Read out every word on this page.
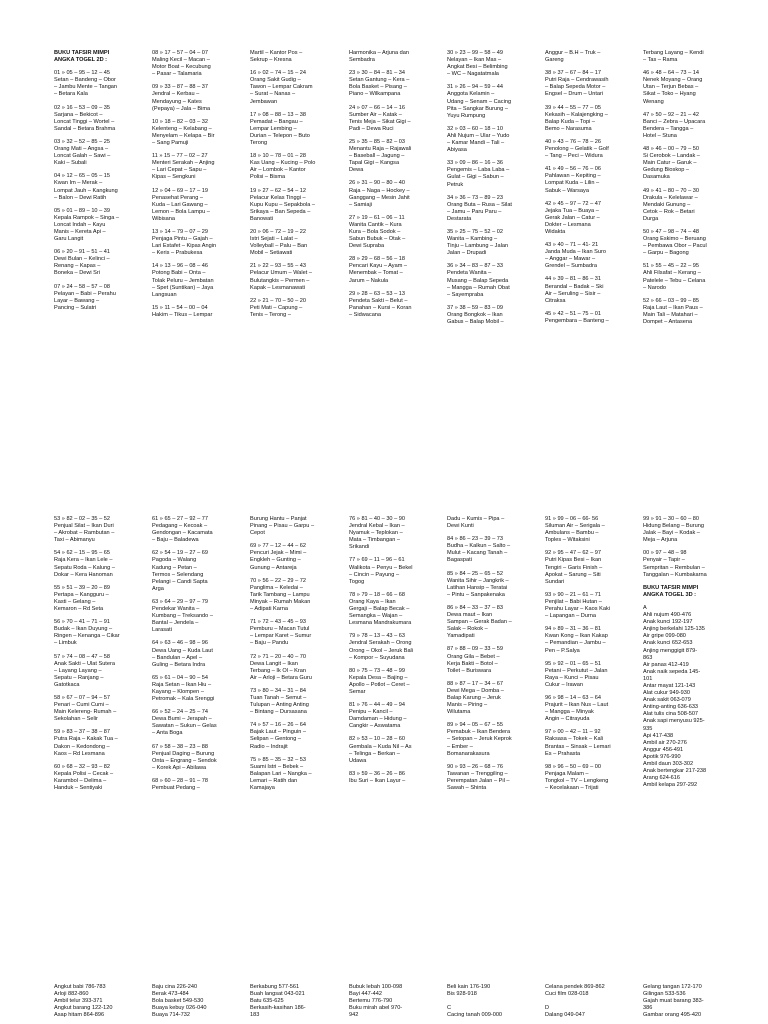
BUKU TAFSIR MIMPI
ANGKA TOGEL 2D :
01 » 05 – 95 – 12 – 45
Setan – Bandeng – Obor
– Jambu Mente – Tangan
– Betara Kala
02 » 16 – 53 – 09 – 35
Sarjana – Bekicot –
Loncat Tinggi – Wortel –
Sandal – Betara Brahma
03 » 32 – 52 – 85 – 25
Orang Mati – Angsa –
Loncat Galah – Sawi –
Kaki – Subali
04 » 12 – 65 – 05 – 15
Kwan Im – Merak –
Lompat Jauh – Kangkung
– Balon – Dewi Ratih
05 » 01 – 89 – 10 – 39
Kepala Rampok – Singa –
Loncat Indah – Kayu
Manis – Kereta Api –
Garu Langit
06 » 20 – 91 – 51 – 41
Dewi Bulan – Kelinci –
Renang – Kapas –
Boneka – Dewi Sri
07 » 24 – 58 – 57 – 08
Pelayan – Babi – Perahu
Layar – Bawang –
Pancing – Sulatri
08 » 17 – 57 – 04 – 07
Maling Kecil – Macan –
Motor Boat – Kecubung
– Pasar – Talamaria
09 » 33 – 87 – 88 – 37
Jendral – Kerbau –
Mendayung – Kates
(Pepaya) – Jala – Bima
10 » 18 – 82 – 03 – 32
Kelenteng – Kelabang –
Menyelam – Kelapa – Bir
– Sang Pamuji
11 » 15 – 77 – 02 – 27
Menteri Serakah – Anjing
– Lari Cepat – Sapu –
Kipas – Sengkuni
12 » 04 – 69 – 17 – 19
Penasehat Perang –
Kuda – Lari Gawang –
Lemon – Bola Lampu –
Wibisana
13 » 14 – 79 – 07 – 29
Penjaga Pintu – Gajah –
Lari Estafet – Kipas Angin
– Keris – Prabukesa
14 » 13 – 96 – 08 – 46
Potong Babi – Onta –
Tolak Peluru – Jembatan
– Spet (Suntikan) – Jaya
Langsuan
15 » 11 – 54 – 00 – 04
Hakim – Tikus – Lempar
Martil – Kantor Pos –
Sekrup – Kresna
16 » 02 – 74 – 15 – 24
Orang Sakit Gudig –
Tawon – Lempar Cakram
– Surat – Nanas –
Jembawan
17 » 08 – 88 – 13 – 38
Pemadat – Bangau –
Lempar Lembing –
Durian – Telepon – Buto
Terong
18 » 10 – 78 – 01 – 28
Kas Uang – Kucing – Polo
Air – Lombok – Kantor
Polisi – Bisma
19 » 27 – 62 – 54 – 12
Pelacur Kelas Tinggi –
Kupu Kupu – Sepakbola –
Srikaya – Ban Sepeda –
Banowati
20 » 06 – 72 – 19 – 22
Istri Sejati – Lalat –
Volleyball – Palu – Ban
Mobil – Setiawati
21 » 22 – 93 – 55 – 43
Pelacur Umum – Walet –
Bulutangkis – Permen –
Kapak – Lesmanawati
22 » 21 – 70 – 50 – 20
Peti Mati – Capung –
Tenis – Terong –
Harmonika – Arjuna dan
Sembadra
23 » 30 – 84 – 81 – 34
Setan Gantung – Kera –
Bola Basket – Pisang –
Piano – Wilkampana
24 » 07 – 66 – 14 – 16
Sumber Air – Katak –
Tenis Meja – Sikat Gigi –
Padi – Dewa Ruci
25 » 35 – 85 – 82 – 03
Menantu Raja – Rajawali
– Baseball – Jagung –
Tapal Gigi – Kangsa
Dewa
26 » 31 – 90 – 80 – 40
Raja – Naga – Hockey –
Ganggang – Mesin Jahit
– Samiaji
27 » 19 – 61 – 06 – 11
Wanita Cantik – Kura
Kura – Bola Sodok –
Sabun Bubuk – Otak –
Dewi Supraba
28 » 29 – 68 – 56 – 18
Pencari Kayu – Ayam –
Menembak – Tomat –
Jarum – Nakula
29 » 28 – 63 – 53 – 13
Pendeta Sakti – Belut –
Panahan – Kursi – Koran
– Sidwacana
30 » 23 – 99 – 58 – 49
Nelayan – Ikan Mas –
Angkat Besi – Belimbing
– WC – Nagatatmala
31 » 26 – 94 – 59 – 44
Anggota Kelamin –
Udang – Senam – Cacing
Pita – Sangkar Burung –
Yuyu Rumpung
32 » 03 – 60 – 18 – 10
Ahli Nujum – Ular – Yudo
– Kamar Mandi – Tali –
Abiyasa
33 » 09 – 86 – 16 – 36
Pengemis – Laba Laba –
Gulat – Gigi – Sabun –
Petruk
34 » 36 – 73 – 89 – 23
Orang Buta – Rusa – Silat
– Jamu – Paru Paru –
Destarata
35 » 25 – 75 – 52 – 02
Wanita – Kambing –
Tinju – Lambung – Jalan
Jalan – Drupadi
36 » 34 – 83 – 87 – 33
Pendeta Wanita –
Musang – Balap Sepeda
– Mangga – Rumah Obat
– Sayempraba
37 » 38 – 59 – 83 – 09
Orang Bongkok – Ikan
Gabus – Balap Mobil –
Anggur – B.H – Truk –
Gareng
38 » 37 – 67 – 84 – 17
Putri Raja – Cendrawasih
– Balap Sepeda Motor –
Engsel – Drum – Untari
39 » 44 – 55 – 77 – 05
Kekasih – Kalajengking –
Balap Kuda – Topi –
Bemo – Narasuma
40 » 43 – 76 – 78 – 26
Penolong – Gelatik – Golf
– Tang – Peci – Widura
41 » 49 – 56 – 76 – 06
Pahlawan – Kepiting –
Lompat Kuda – Lilin –
Sabuk – Warsaya
42 » 45 – 97 – 72 – 47
Jejaka Tua – Buaya –
Gerak Jalan – Catur –
Dokter – Lesmana
Widakta
43 » 40 – 71 – 41- 21
Janda Muda – Ikan Suro
– Anggar – Mawar –
Grendel – Sumbadra
44 » 39 – 81 – 86 – 31
Berandal – Badak – Ski
Air – Seruling – Sisir –
Citraksa
45 » 42 – 51 – 75 – 01
Pengembara – Banteng –
Terbang Layang – Kendi
– Tas – Rama
46 » 48 – 64 – 73 – 14
Nenek Moyang – Orang
Utan – Terjun Bebas –
Sikat – Toko – Hyang
Wenang
47 » 50 – 92 – 21 – 42
Banci – Zebra – Upacara
Bendera – Tangga –
Hotel – Stuna
48 » 46 – 00 – 79 – 50
Si Cerobok – Landak –
Main Catur – Garuk –
Gedung Bioskop –
Dasamuka
49 » 41 – 80 – 70 – 30
Drakula – Kelelawar –
Mendaki Gunung –
Cetok – Rok – Betari
Durga
50 » 47 – 98 – 74 – 48
Orang Eskimo – Beruang
– Pembawa Obor – Pacul
– Garpu – Bagong
51 » 55 – 45 – 22 – 95
Ahli Filsafat – Kerang –
Patelele – Tebu – Celana
– Narodo
52 » 66 – 03 – 99 – 85
Raja Laut – Ikan Paus –
Main Tali – Matahari –
Dompet – Antasena
53 » 82 – 02 – 35 – 52
Penjual Silat – Ikan Duri
– Akrobat – Rambutan –
Taxi – Abimanyu
54 » 62 – 15 – 95 – 65
Raja Kera – Ikan Lele –
Sepatu Roda – Kalung –
Dokar – Kera Hanoman
55 » 51 – 39 – 20 – 89
Pertapa – Kangguru –
Kasti – Gelang –
Kemaron – Rd Seta
56 » 70 – 41 – 71 – 91
Budak – Ikan Duyung –
Ringen – Kenanga – Cikar
– Limbuk
57 » 74 – 08 – 47 – 58
Anak Sakti – Ulat Sutera
– Layang Layang –
Sepatu – Ranjang –
Gatotkaca
58 » 67 – 07 – 94 – 57
Penari – Cumi Cumi –
Main Kelereng- Rumah –
Sekolahan – Selir
59 » 83 – 37 – 38 – 87
Putra Raja – Kakak Tua –
Dakon – Kedondong –
Kaos – Rd Lesmana
60 » 68 – 32 – 93 – 82
Kepala Polisi – Cecak –
Karambol – Delima –
Handuk – Sentiyaki
61 » 65 – 27 – 92 – 77
Pedagang – Kecoak –
Gendongan – Kacamata
– Baju – Baladewa
62 » 54 – 19 – 27 – 69
Pagoda – Walang
Kadung – Petan –
Termos – Selendang
Pelangi – Candi Sapta
Arga
63 » 64 – 29 – 97 – 79
Pendekar Wanita –
Kumbang – Treksando –
Bantal – Jendela –
Larasati
64 » 63 – 46 – 98 – 96
Dewa Uang – Kuda Laut
– Bandulan – Apel –
Guling – Betara Indra
65 » 61 – 04 – 90 – 54
Raja Setan – Ikan Hiu –
Kayang – Klompen –
Petromak – Kala Srenggi
66 » 52 – 24 – 25 – 74
Dewa Bumi – Jerapah –
Sawatan – Sukun – Gelas
– Anta Boga
67 » 58 – 38 – 23 – 88
Penjual Daging – Burung
Onta – Engrang – Sendok
– Korek Api – Abilawa
68 » 60 – 28 – 91 – 78
Pembuat Pedang –
Burung Hantu – Panjat
Pinang – Pisau – Garpu –
Cepot
69 » 77 – 12 – 44 – 62
Pencuri Jejak – Mimi –
Engkleh – Gunting –
Gunung – Antareja
70 » 56 – 22 – 29 – 72
Panglima – Keledai –
Tarik Tambang – Lampu
Minyak – Rumah Makan
– Adipati Karna
71 » 72 – 43 – 45 – 93
Pemburu – Macan Tutul
– Lempar Karet – Sumur
– Baju – Pandu
72 » 71 – 20 – 40 – 70
Dewa Langit – Ikan
Terbang – Ik Ol – Kran
Air – Arloji – Betara Guru
73 » 80 – 34 – 31 – 84
Tuan Tanah – Semut –
Tulupan – Anting Anting
– Bintang – Dursasana
74 » 57 – 16 – 26 – 64
Bajak Laut – Pinguin –
Selipan – Gentong –
Radio – Indrajit
75 » 85 – 35 – 32 – 53
Suami Istri – Bebek –
Balapan Lari – Nangka –
Lemari – Ratih dan
Kamajaya
76 » 81 – 40 – 30 – 90
Jendral Kebal – Ikan –
Nyamuk – Teplokan –
Mata – Timbangan –
Srikandi
77 » 69 – 11 – 96 – 61
Walikota – Penyu – Bekel
– Cincin – Payung –
Togog
78 » 79 – 18 – 66 – 68
Orang Kaya – Ikan
Gergaji – Balap Becak –
Semangka – Wajan –
Lesmana Mandrakumara
79 » 78 – 13 – 43 – 63
Jendral Serakah – Orong
Orong – Okol – Jeruk Bali
– Kompor – Suyudana
80 » 75 – 73 – 48 – 99
Kepala Desa – Bajing –
Apollo – Potlot – Ceret –
Semar
81 » 76 – 44 – 49 – 94
Penipu – Kancil –
Damdaman – Hidung –
Cangkir – Aswatama
82 » 53 – 10 – 28 – 60
Gembala – Kuda Nil – As
– Telinga – Berkan –
Udawa
83 » 59 – 36 – 26 – 86
Ibu Suri – Ikan Layur –
Dadu – Kumis – Pipa –
Dewi Kunti
84 » 86 – 23 – 39 – 73
Budha – Kalkun – Salto –
Mulut – Kacang Tanah –
Bagaspati
85 » 84 – 25 – 65 – 52
Wanita Sihir – Jangkrik –
Latihan Hansip – Teratai
– Pintu – Sanpakenaka
86 » 84 – 33 – 37 – 83
Dewa maut – Ikan
Sampan – Gerak Badan –
Salak – Rokok –
Yamadipati
87 » 88 – 09 – 33 – 59
Orang Gila – Bebet –
Kerja Bakti – Botol –
Toilet – Buriswara
88 » 87 – 17 – 34 – 67
Dewi Mega – Domba –
Balap Karung – Jeruk
Manis – Piring –
Wilutama
89 » 94 – 05 – 67 – 55
Pemabuk – Ikan Bendera
– Setopan – Jeruk Keprok
– Ember –
Bomanarakasura
90 » 93 – 26 – 68 – 76
Tawanan – Trenggiling –
Perempatan Jalan – Pil –
Sawah – Shinta
91 » 99 – 06 – 66- 56
Siluman Air – Serigala –
Ambulans – Bambu –
Toples – Witaksini
92 » 95 – 47 – 62 – 97
Putri Kipas Besi – Ikan
Tengiri – Garis Finish –
Apokat – Sarung – Siti
Sundari
93 » 90 – 21 – 61 – 71
Penjilat – Babi Hutan –
Perahu Layar – Kaos Kaki
– Lapangan – Durna
94 » 89 – 31 – 36 – 81
Kwan Kong – Ikan Kakap
– Pemandian – Jambu –
Pen – P.Salya
95 » 92 – 01 – 65 – 51
Petani – Perkutut – Jalan
Raya – Kunci – Pisau
Cukur – Irawan
96 » 98 – 14 – 63 – 64
Prajurit – Ikan Nus – Laut
– Mangga – Minyak
Angin – Citrayuda
97 » 00 – 42 – 11 – 92
Raksasa – Tokek – Kali
Brantas – Sinsak – Lemari
Es – Prahasta
98 » 96 – 50 – 69 – 00
Penjaga Malam –
Tongkol – TV – Lengkeng
– Kecelakaan – Trijati
99 » 91 – 30 – 60 – 80
Hidung Belang – Burung
Jalak – Bayi – Kodak –
Meja – Arjuna
00 » 97 – 48 – 98
Penyair – Tapir –
Sempritan – Rembulan –
Tanggalan – Kumbakarna
BUKU TAFSIR MIMPI
ANGKA TOGEL 3D :
A
Ahli nujum 490-476
Anak kunci 192-197
Anjing berkelahi 125-135
Air gripe 099-080
Anak kunci 652-653
Anjing menggigit 879-
863
Air panas 412-419
Anak naik sepeda 145-
101
Antar mayat 121-143
Alat cukur 949-930
Anak sakit 063-079
Anting-anting 636-633
Alat tulis cina 508-507
Anak sapi menyusu 925-
935
Api 417-438
Ambil air 270-276
Anggur 456-491
Apotik 976-990
Ambil daun 303-302
Anak bertengkar 217-238
Arang 624-616
Ambil kelapa 297-292
Angkut babi 786-783
Arloji 882-860
Ambil telur 393-371
Angkut barang 122-120
Asap hitam 864-896
Baju cina 226-240
Berak 473-484
Bola basket 549-530
Buaya kebuy 026-040
Buaya 714-732
Berkabung 577-561
Buah langsat 043-021
Batu 635-625
Berkasih-kasihan 186-
183
Bubuk lebah 100-098
Bayi 447-442
Bertemu 776-790
Buku mirah abel 970-
942
Beli kain 176-190
Bis 928-918

C
Cacing tanah 009-000
Celana pendek 869-862
Cuci film 028-018

D
Dalang 049-047
Gelang tangan 172-170
Gilingan 533-536
Gajah muat barang 383-
386
Gambar orang 495-420
